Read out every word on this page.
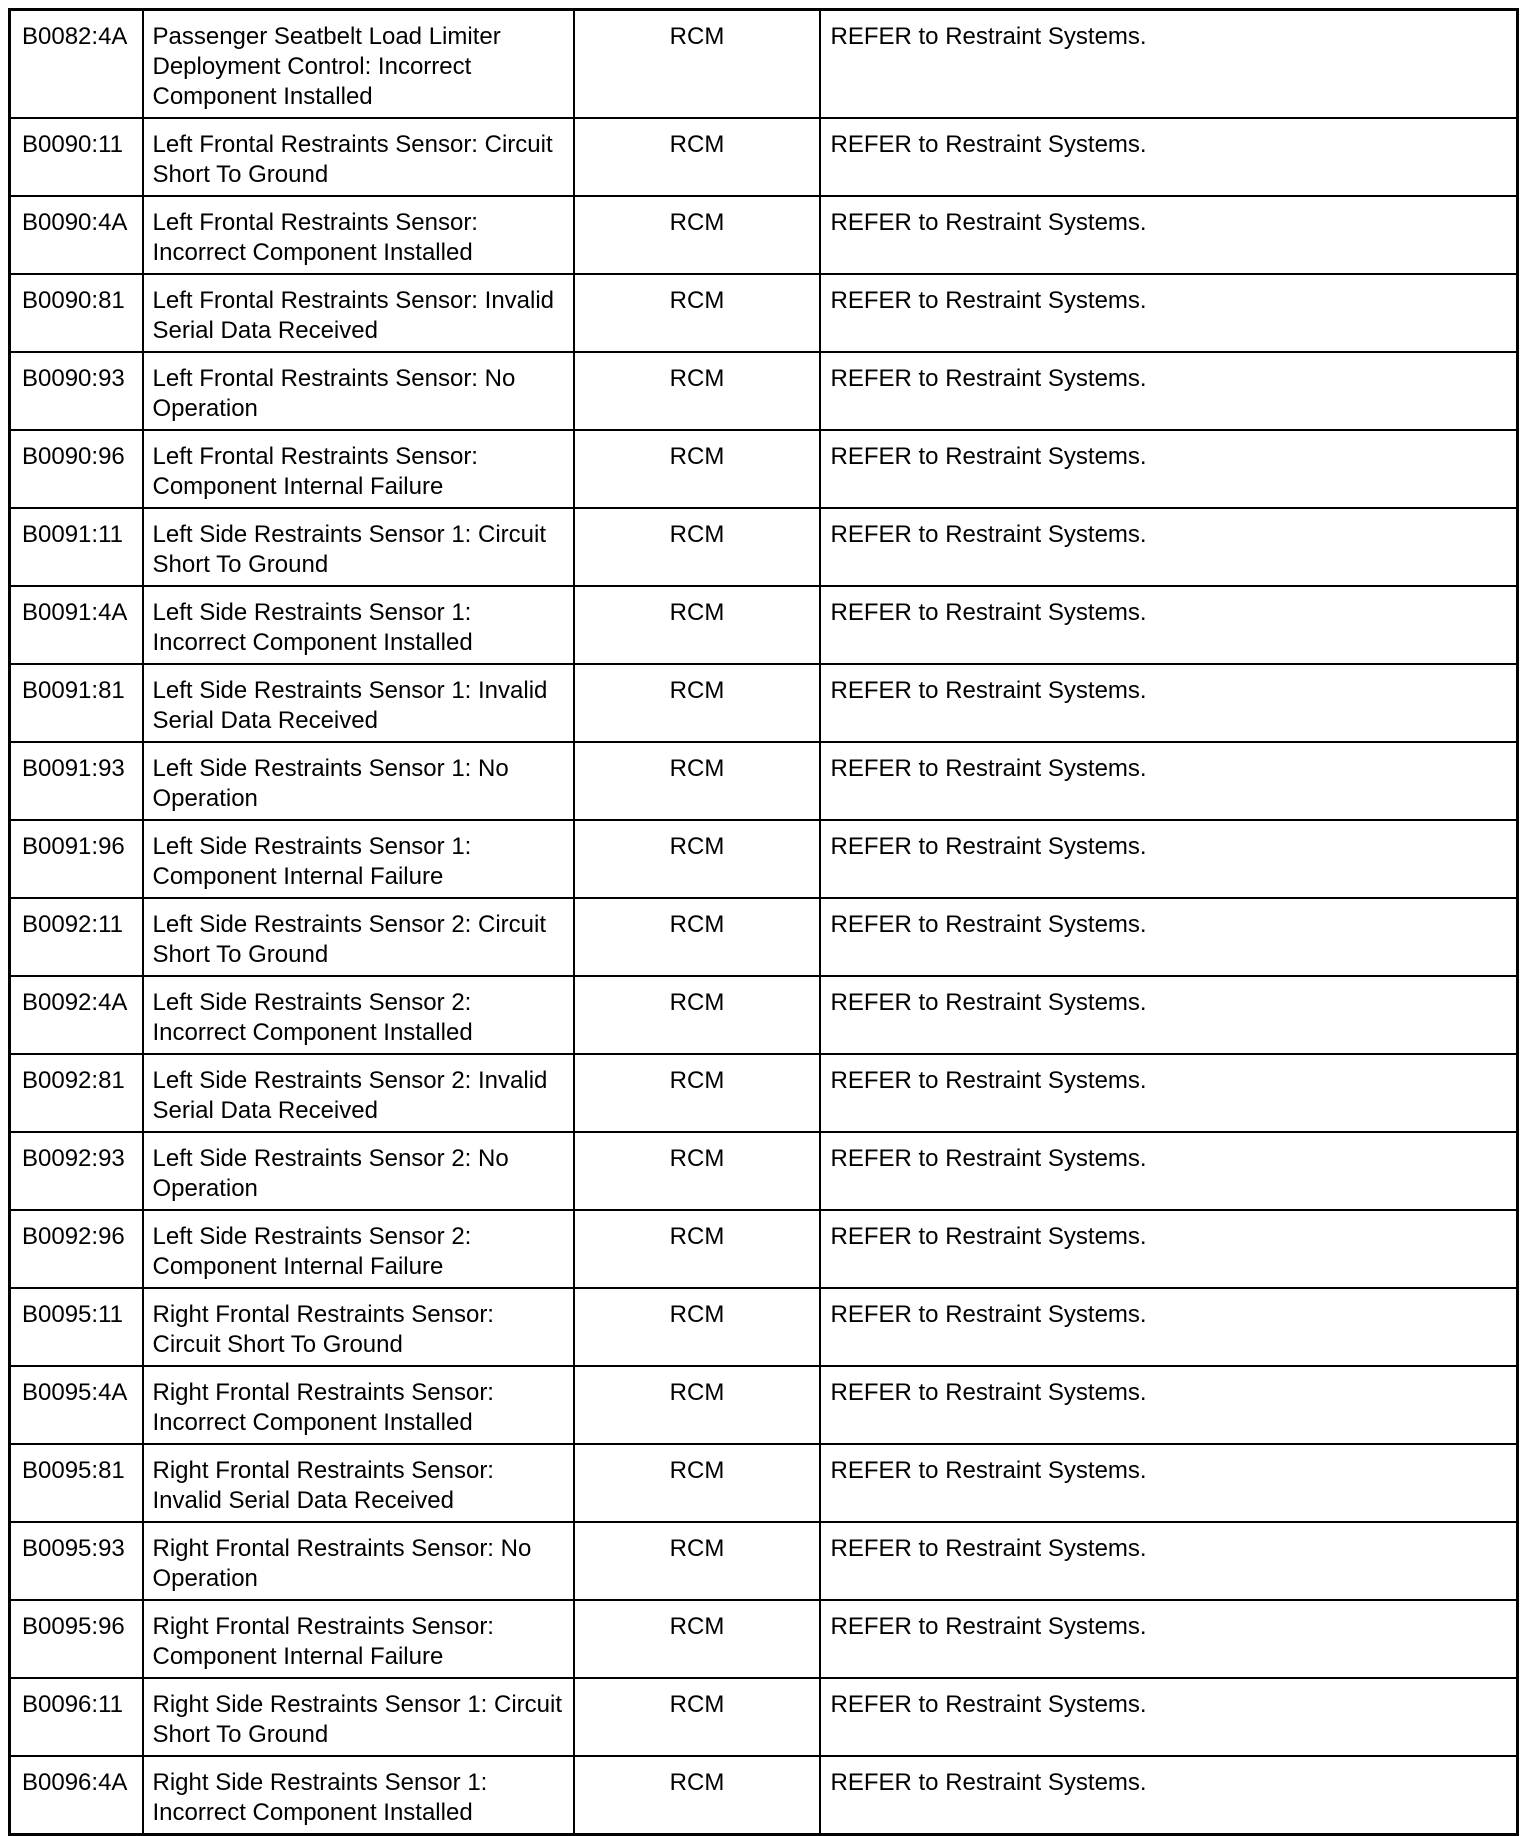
B0082:4A	Passenger Seatbelt Load Limiter Deployment Control: Incorrect Component Installed	RCM	REFER to Restraint Systems.
B0090:11	Left Frontal Restraints Sensor: Circuit Short To Ground	RCM	REFER to Restraint Systems.
B0090:4A	Left Frontal Restraints Sensor: Incorrect Component Installed	RCM	REFER to Restraint Systems.
B0090:81	Left Frontal Restraints Sensor: Invalid Serial Data Received	RCM	REFER to Restraint Systems.
B0090:93	Left Frontal Restraints Sensor: No Operation	RCM	REFER to Restraint Systems.
B0090:96	Left Frontal Restraints Sensor: Component Internal Failure	RCM	REFER to Restraint Systems.
B0091:11	Left Side Restraints Sensor 1: Circuit Short To Ground	RCM	REFER to Restraint Systems.
B0091:4A	Left Side Restraints Sensor 1: Incorrect Component Installed	RCM	REFER to Restraint Systems.
B0091:81	Left Side Restraints Sensor 1: Invalid Serial Data Received	RCM	REFER to Restraint Systems.
B0091:93	Left Side Restraints Sensor 1: No Operation	RCM	REFER to Restraint Systems.
B0091:96	Left Side Restraints Sensor 1: Component Internal Failure	RCM	REFER to Restraint Systems.
B0092:11	Left Side Restraints Sensor 2: Circuit Short To Ground	RCM	REFER to Restraint Systems.
B0092:4A	Left Side Restraints Sensor 2: Incorrect Component Installed	RCM	REFER to Restraint Systems.
B0092:81	Left Side Restraints Sensor 2: Invalid Serial Data Received	RCM	REFER to Restraint Systems.
B0092:93	Left Side Restraints Sensor 2: No Operation	RCM	REFER to Restraint Systems.
B0092:96	Left Side Restraints Sensor 2: Component Internal Failure	RCM	REFER to Restraint Systems.
B0095:11	Right Frontal Restraints Sensor: Circuit Short To Ground	RCM	REFER to Restraint Systems.
B0095:4A	Right Frontal Restraints Sensor: Incorrect Component Installed	RCM	REFER to Restraint Systems.
B0095:81	Right Frontal Restraints Sensor: Invalid Serial Data Received	RCM	REFER to Restraint Systems.
B0095:93	Right Frontal Restraints Sensor: No Operation	RCM	REFER to Restraint Systems.
B0095:96	Right Frontal Restraints Sensor: Component Internal Failure	RCM	REFER to Restraint Systems.
B0096:11	Right Side Restraints Sensor 1: Circuit Short To Ground	RCM	REFER to Restraint Systems.
B0096:4A	Right Side Restraints Sensor 1: Incorrect Component Installed	RCM	REFER to Restraint Systems.
